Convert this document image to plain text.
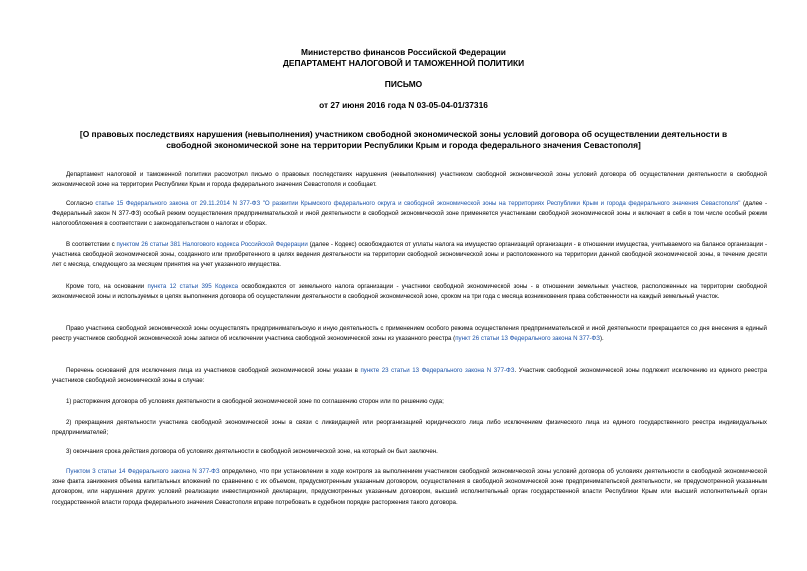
Министерство финансов Российской Федерации
ДЕПАРТАМЕНТ НАЛОГОВОЙ И ТАМОЖЕННОЙ ПОЛИТИКИ
ПИСЬМО
от 27 июня 2016 года N 03-05-04-01/37316
[О правовых последствиях нарушения (невыполнения) участником свободной экономической зоны условий договора об осуществлении деятельности в свободной экономической зоне на территории Республики Крым и города федерального значения Севастополя]
Департамент налоговой и таможенной политики рассмотрел письмо о правовых последствиях нарушения (невыполнения) участником свободной экономической зоны условий договора об осуществлении деятельности в свободной экономической зоне на территории Республики Крым и города федерального значения Севастополя и сообщает.
Согласно статье 15 Федерального закона от 29.11.2014 N 377-ФЗ "О развитии Крымского федерального округа и свободной экономической зоны на территориях Республики Крым и города федерального значения Севастополя" (далее - Федеральный закон N 377-ФЗ) особый режим осуществления предпринимательской и иной деятельности в свободной экономической зоне применяется участниками свободной экономической зоны и включает в себя в том числе особый режим налогообложения в соответствии с законодательством о налогах и сборах.
В соответствии с пунктом 26 статьи 381 Налогового кодекса Российской Федерации (далее - Кодекс) освобождаются от уплаты налога на имущество организаций организации - в отношении имущества, учитываемого на балансе организации - участника свободной экономической зоны, созданного или приобретенного в целях ведения деятельности на территории свободной экономической зоны и расположенного на территории данной свободной экономической зоны, в течение десяти лет с месяца, следующего за месяцем принятия на учет указанного имущества.
Кроме того, на основании пункта 12 статьи 395 Кодекса освобождаются от земельного налога организации - участники свободной экономической зоны - в отношении земельных участков, расположенных на территории свободной экономической зоны и используемых в целях выполнения договора об осуществлении деятельности в свободной экономической зоне, сроком на три года с месяца возникновения права собственности на каждый земельный участок.
Право участника свободной экономической зоны осуществлять предпринимательскую и иную деятельность с применением особого режима осуществления предпринимательской и иной деятельности прекращается со дня внесения в единый реестр участников свободной экономической зоны записи об исключении участника свободной экономической зоны из указанного реестра (пункт 26 статьи 13 Федерального закона N 377-ФЗ).
Перечень оснований для исключения лица из участников свободной экономической зоны указан в пункте 23 статьи 13 Федерального закона N 377-ФЗ. Участник свободной экономической зоны подлежит исключению из единого реестра участников свободной экономической зоны в случае:
1) расторжения договора об условиях деятельности в свободной экономической зоне по соглашению сторон или по решению суда;
2) прекращения деятельности участника свободной экономической зоны в связи с ликвидацией или реорганизацией юридического лица либо исключением физического лица из единого государственного реестра индивидуальных предпринимателей;
3) окончания срока действия договора об условиях деятельности в свободной экономической зоне, на который он был заключен.
Пунктом 3 статьи 14 Федерального закона N 377-ФЗ определено, что при установлении в ходе контроля за выполнением участником свободной экономической зоны условий договора об условиях деятельности в свободной экономической зоне факта занижения объема капитальных вложений по сравнению с их объемом, предусмотренным указанным договором, осуществления в свободной экономической зоне предпринимательской деятельности, не предусмотренной указанным договором, или нарушения других условий реализации инвестиционной декларации, предусмотренных указанным договором, высший исполнительный орган государственной власти Республики Крым или высший исполнительный орган государственной власти города федерального значения Севастополя вправе потребовать в судебном порядке расторжения такого договора.
